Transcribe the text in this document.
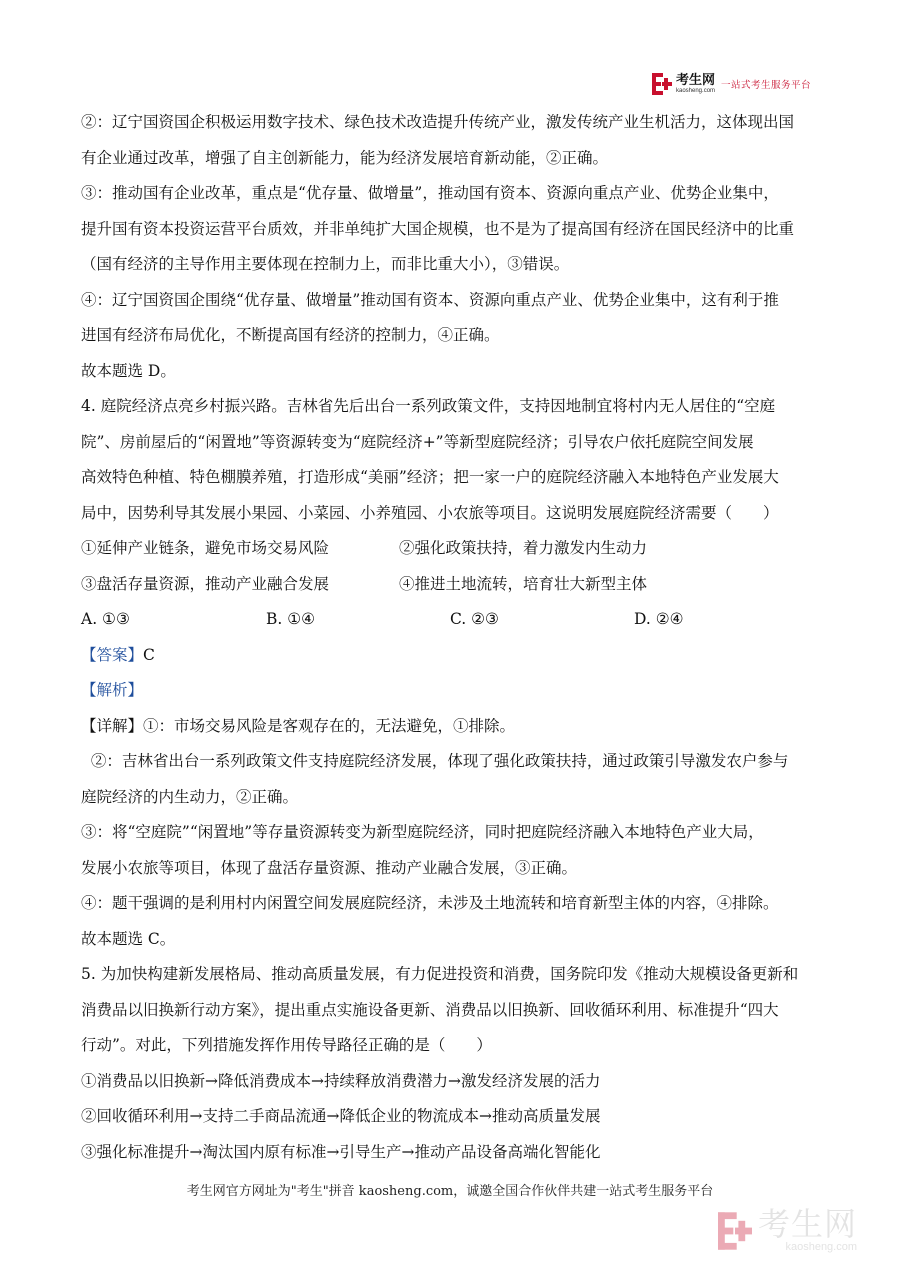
考生网
kaosheng.com 一站式考生服务平台
②：辽宁国资国企积极运用数字技术、绿色技术改造提升传统产业，激发传统产业生机活力，这体现出国
有企业通过改革，增强了自主创新能力，能为经济发展培育新动能，②正确。
③：推动国有企业改革，重点是“优存量、做增量”，推动国有资本、资源向重点产业、优势企业集中，
提升国有资本投资运营平台质效，并非单纯扩大国企规模，也不是为了提高国有经济在国民经济中的比重
（国有经济的主导作用主要体现在控制力上，而非比重大小），③错误。
④：辽宁国资国企围绕“优存量、做增量”推动国有资本、资源向重点产业、优势企业集中，这有利于推
进国有经济布局优化，不断提高国有经济的控制力，④正确。
故本题选 D。
4. 庭院经济点亮乡村振兴路。吉林省先后出台一系列政策文件，支持因地制宜将村内无人居住的“空庭
院”、房前屋后的“闲置地”等资源转变为“庭院经济+”等新型庭院经济；引导农户依托庭院空间发展
高效特色种植、特色棚膜养殖，打造形成“美丽”经济；把一家一户的庭院经济融入本地特色产业发展大
局中，因势利导其发展小果园、小菜园、小养殖园、小农旅等项目。这说明发展庭院经济需要（　　）
①延伸产业链条，避免市场交易风险	②强化政策扶持，着力激发内生动力
③盘活存量资源，推动产业融合发展	④推进土地流转，培育壮大新型主体
A. ①③	B. ①④	C. ②③	D. ②④
【答案】C
【解析】
【详解】①：市场交易风险是客观存在的，无法避免，①排除。
②：吉林省出台一系列政策文件支持庭院经济发展，体现了强化政策扶持，通过政策引导激发农户参与
庭院经济的内生动力，②正确。
③：将“空庭院”“闲置地”等存量资源转变为新型庭院经济，同时把庭院经济融入本地特色产业大局，
发展小农旅等项目，体现了盘活存量资源、推动产业融合发展，③正确。
④：题干强调的是利用村内闲置空间发展庭院经济，未涉及土地流转和培育新型主体的内容，④排除。
故本题选 C。
5. 为加快构建新发展格局、推动高质量发展，有力促进投资和消费，国务院印发《推动大规模设备更新和
消费品以旧换新行动方案》，提出重点实施设备更新、消费品以旧换新、回收循环利用、标准提升“四大
行动”。对此，下列措施发挥作用传导路径正确的是（　　）
①消费品以旧换新→降低消费成本→持续释放消费潜力→激发经济发展的活力
②回收循环利用→支持二手商品流通→降低企业的物流成本→推动高质量发展
③强化标准提升→淘汰国内原有标准→引导生产→推动产品设备高端化智能化
考生网官方网址为"考生"拼音 kaosheng.com，诚邀全国合作伙伴共建一站式考生服务平台
考生网
kaosheng.com
